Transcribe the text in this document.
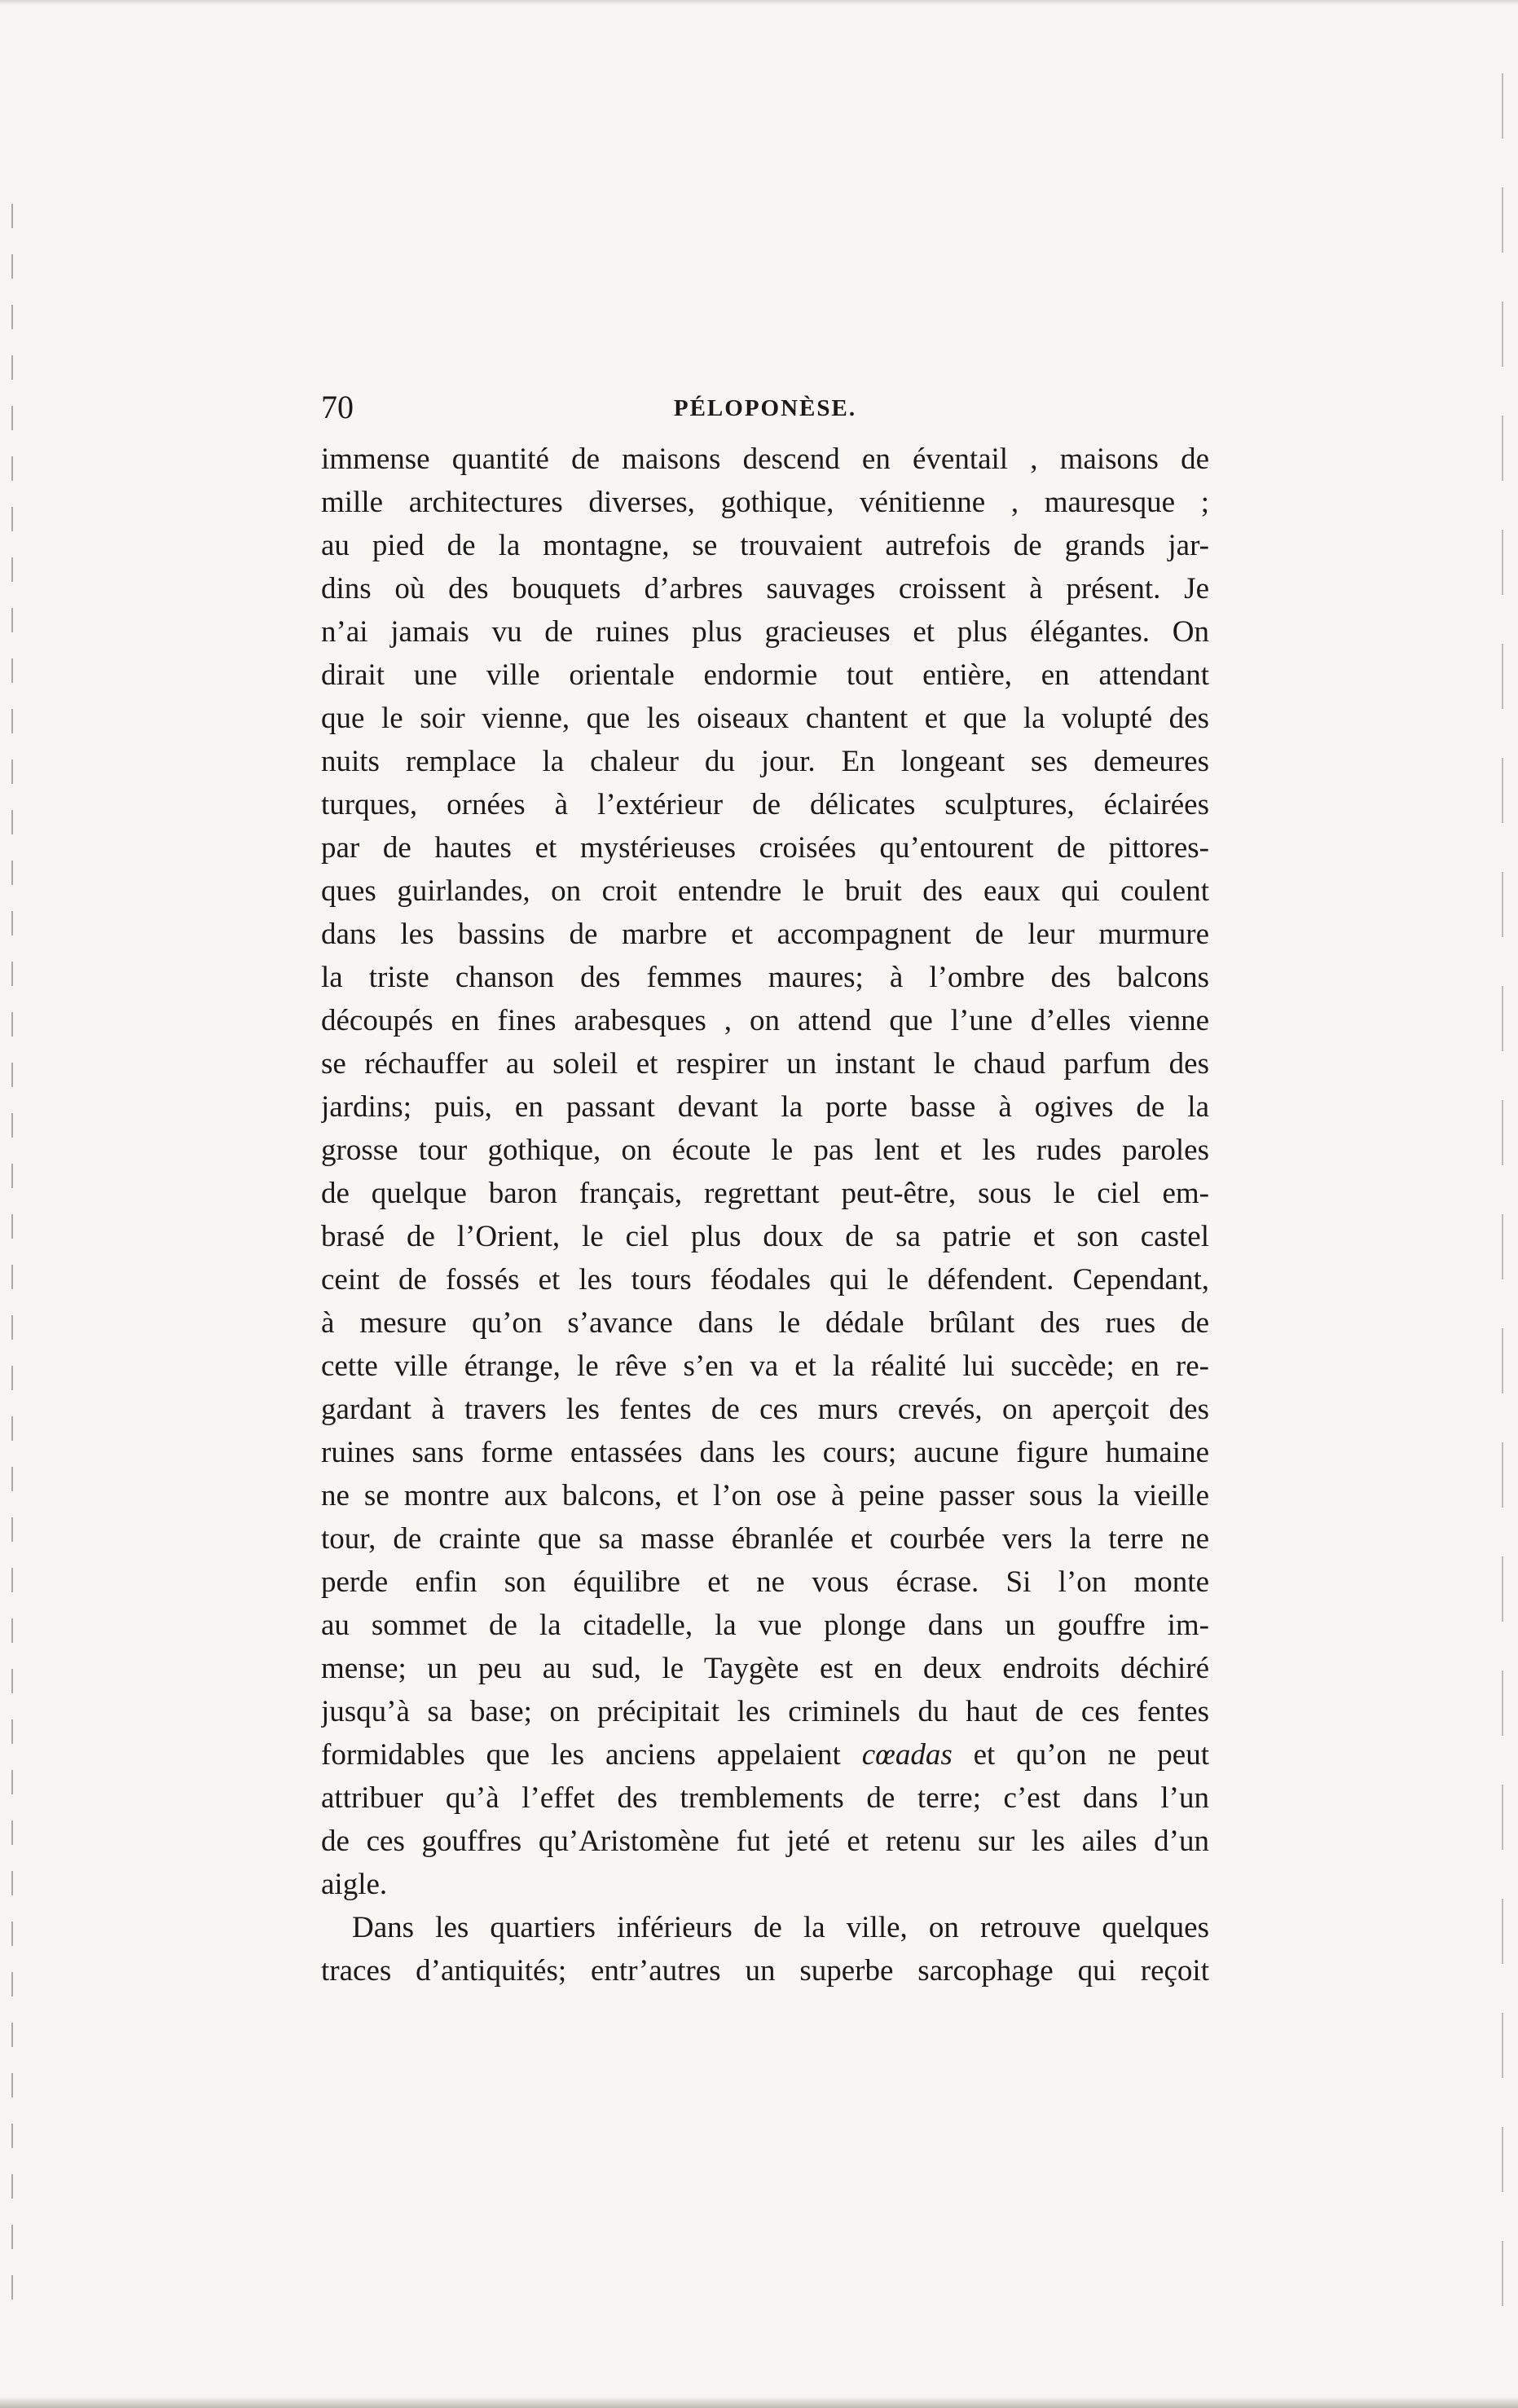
70	PÉLOPONÈSE.
immense quantité de maisons descend en éventail , maisons de
mille architectures diverses, gothique, vénitienne , mauresque ;
au pied de la montagne, se trouvaient autrefois de grands jar-
dins où des bouquets d’arbres sauvages croissent à présent. Je
n’ai jamais vu de ruines plus gracieuses et plus élégantes. On
dirait une ville orientale endormie tout entière, en attendant
que le soir vienne, que les oiseaux chantent et que la volupté des
nuits remplace la chaleur du jour. En longeant ses demeures
turques, ornées à l’extérieur de délicates sculptures, éclairées
par de hautes et mystérieuses croisées qu’entourent de pittores-
ques guirlandes, on croit entendre le bruit des eaux qui coulent
dans les bassins de marbre et accompagnent de leur murmure
la triste chanson des femmes maures; à l’ombre des balcons
découpés en fines arabesques , on attend que l’une d’elles vienne
se réchauffer au soleil et respirer un instant le chaud parfum des
jardins; puis, en passant devant la porte basse à ogives de la
grosse tour gothique, on écoute le pas lent et les rudes paroles
de quelque baron français, regrettant peut-être, sous le ciel em-
brasé de l’Orient, le ciel plus doux de sa patrie et son castel
ceint de fossés et les tours féodales qui le défendent. Cependant,
à mesure qu’on s’avance dans le dédale brûlant des rues de
cette ville étrange, le rêve s’en va et la réalité lui succède; en re-
gardant à travers les fentes de ces murs crevés, on aperçoit des
ruines sans forme entassées dans les cours; aucune figure humaine
ne se montre aux balcons, et l’on ose à peine passer sous la vieille
tour, de crainte que sa masse ébranlée et courbée vers la terre ne
perde enfin son équilibre et ne vous écrase. Si l’on monte
au sommet de la citadelle, la vue plonge dans un gouffre im-
mense; un peu au sud, le Taygète est en deux endroits déchiré
jusqu’à sa base; on précipitait les criminels du haut de ces fentes
formidables que les anciens appelaient cœadas et qu’on ne peut
attribuer qu’à l’effet des tremblements de terre; c’est dans l’un
de ces gouffres qu’Aristomène fut jeté et retenu sur les ailes d’un
aigle.
Dans les quartiers inférieurs de la ville, on retrouve quelques
traces d’antiquités; entr’autres un superbe sarcophage qui reçoit
